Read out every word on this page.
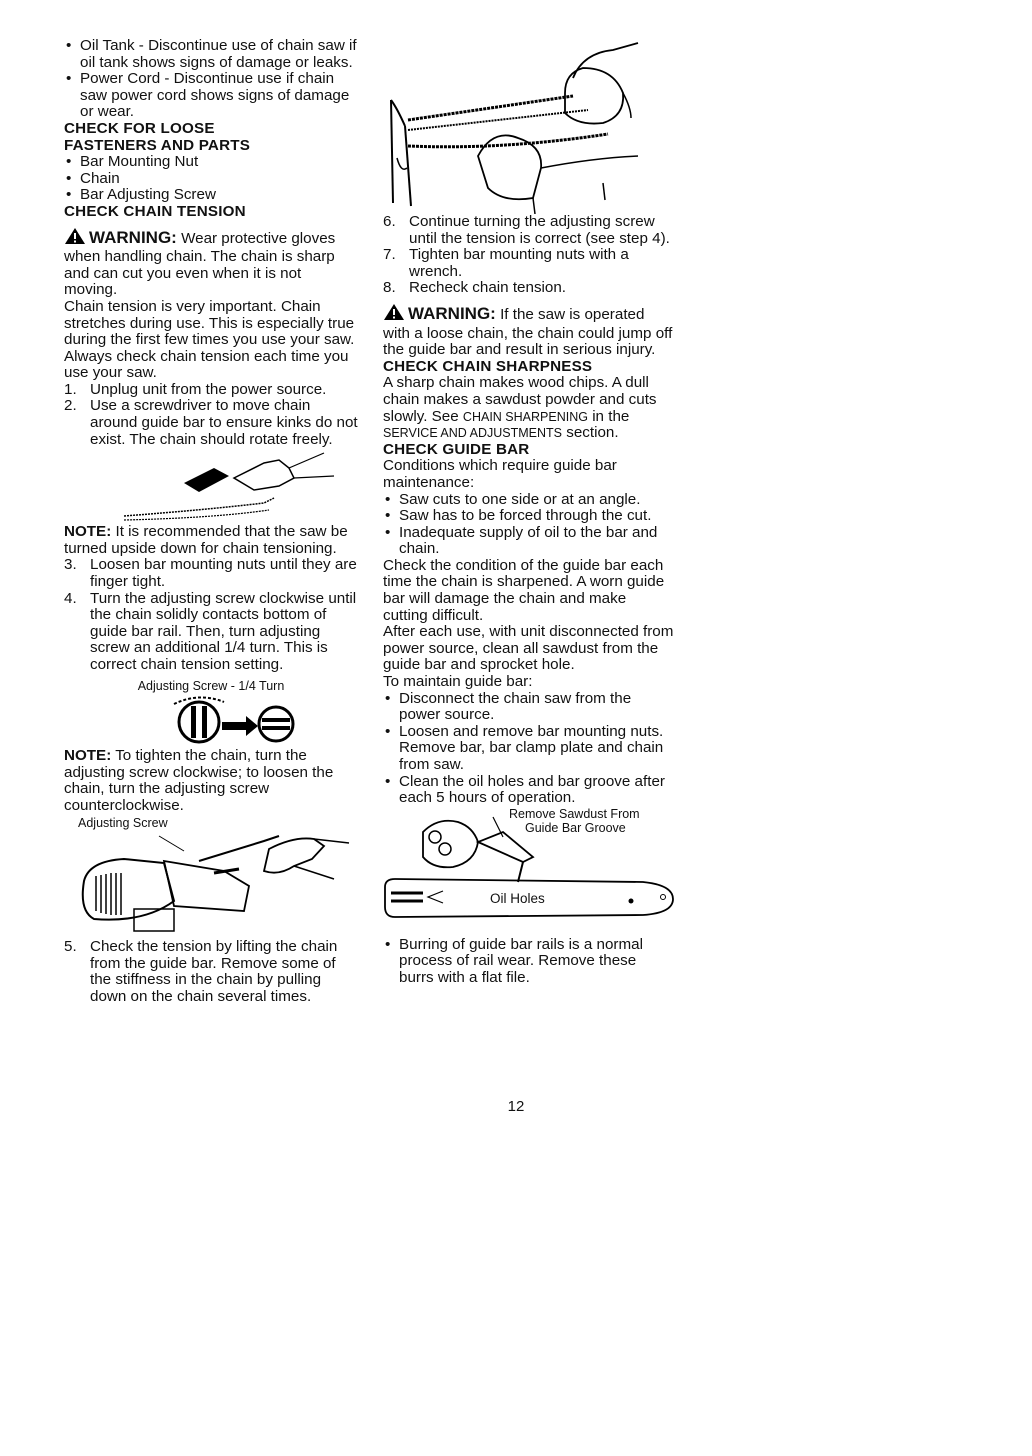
• Oil Tank - Discontinue use of chain saw if oil tank shows signs of damage or leaks.

• Power Cord - Discontinue use if chain saw power cord shows signs of damage or wear.

CHECK FOR LOOSE

FASTENERS AND PARTS

• Bar Mounting Nut

• Chain

• Bar Adjusting Screw

CHECK CHAIN TENSION

WARNING: Wear protective gloves when handling chain. The chain is sharp and can cut you even when it is not moving.

Chain tension is very important. Chain stretches during use. This is especially true during the first few times you use your saw. Always check chain tension each time you use your saw.

1. Unplug unit from the power source.

2. Use a screwdriver to move chain around guide bar to ensure kinks do not exist. The chain should rotate freely.

NOTE: It is recommended that the saw be turned upside down for chain tensioning.

3. Loosen bar mounting nuts until they are finger tight.

4. Turn the adjusting screw clockwise until the chain solidly contacts bottom of guide bar rail. Then, turn adjusting screw an additional 1/4 turn. This is correct chain tension setting.

Adjusting Screw - 1/4 Turn

NOTE: To tighten the chain, turn the adjusting screw clockwise; to loosen the chain, turn the adjusting screw counterclockwise.

Adjusting Screw

5. Check the tension by lifting the chain from the guide bar. Remove some of the stiffness in the chain by pulling down on the chain several times.

6. Continue turning the adjusting screw until the tension is correct (see step 4).

7. Tighten bar mounting nuts with a wrench.

8. Recheck chain tension.

WARNING: If the saw is operated with a loose chain, the chain could jump off the guide bar and result in serious injury.

CHECK CHAIN SHARPNESS

A sharp chain makes wood chips. A dull chain makes a sawdust powder and cuts slowly. See CHAIN SHARPENING in the SERVICE AND ADJUSTMENTS section.

CHECK GUIDE BAR

Conditions which require guide bar maintenance:

• Saw cuts to one side or at an angle.

• Saw has to be forced through the cut.

• Inadequate supply of oil to the bar and chain.

Check the condition of the guide bar each time the chain is sharpened. A worn guide bar will damage the chain and make cutting difficult.

After each use, with unit disconnected from power source, clean all sawdust from the guide bar and sprocket hole.

To maintain guide bar:

• Disconnect the chain saw from the power source.

• Loosen and remove bar mounting nuts. Remove bar, bar clamp plate and chain from saw.

• Clean the oil holes and bar groove after each 5 hours of operation.

Remove Sawdust From
Guide Bar Groove
Oil Holes

• Burring of guide bar rails is a normal process of rail wear. Remove these burrs with a flat file.

12
